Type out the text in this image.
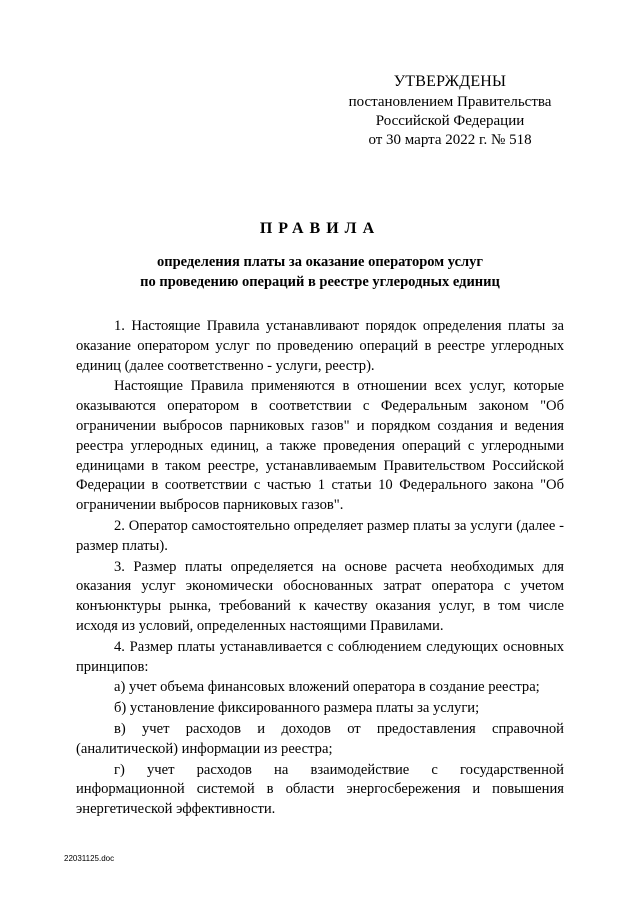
УТВЕРЖДЕНЫ
постановлением Правительства
Российской Федерации
от 30 марта 2022 г. № 518
ПРАВИЛА
определения платы за оказание оператором услуг
по проведению операций в реестре углеродных единиц

1. Настоящие Правила устанавливают порядок определения платы за оказание оператором услуг по проведению операций в реестре углеродных единиц (далее соответственно - услуги, реестр).

Настоящие Правила применяются в отношении всех услуг, которые оказываются оператором в соответствии с Федеральным законом "Об ограничении выбросов парниковых газов" и порядком создания и ведения реестра углеродных единиц, а также проведения операций с углеродными единицами в таком реестре, устанавливаемым Правительством Российской Федерации в соответствии с частью 1 статьи 10 Федерального закона "Об ограничении выбросов парниковых газов".

2. Оператор самостоятельно определяет размер платы за услуги (далее - размер платы).

3. Размер платы определяется на основе расчета необходимых для оказания услуг экономически обоснованных затрат оператора с учетом конъюнктуры рынка, требований к качеству оказания услуг, в том числе исходя из условий, определенных настоящими Правилами.

4. Размер платы устанавливается с соблюдением следующих основных принципов:

а) учет объема финансовых вложений оператора в создание реестра;

б) установление фиксированного размера платы за услуги;

в) учет расходов и доходов от предоставления справочной (аналитической) информации из реестра;

г) учет расходов на взаимодействие с государственной информационной системой в области энергосбережения и повышения энергетической эффективности.

22031125.doc
